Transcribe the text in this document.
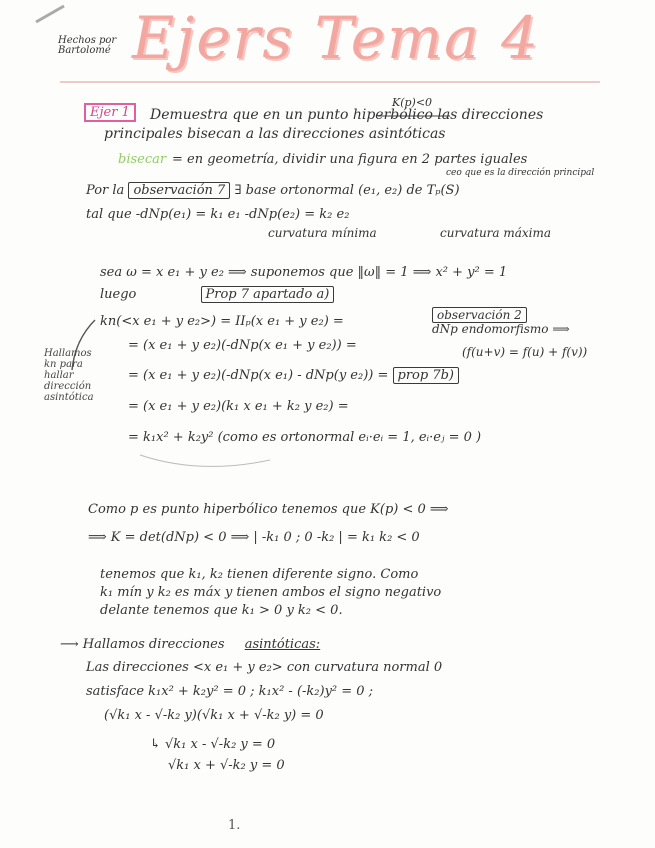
Hechos por Bartolomé Ejers Tema 4
K(p)<0
Ejer 1	Demuestra que en un punto hiperbólico las direcciones
principales bisecan a las direcciones asintóticas
bisecar = en geometría, dividir una figura en 2 partes iguales
ceo que es la dirección principal
Por la observación 7 ∃ base ortonormal (e₁, e₂) de Tₚ(S)
tal que -dNp(e₁) = k₁ e₁ -dNp(e₂) = k₂ e₂
curvatura mínima	curvatura máxima
sea ω = x e₁ + y e₂ ⟹ suponemos que ‖ω‖ = 1 ⟹ x² + y² = 1
luego	Prop 7 apartado a)
kn(<x e₁ + y e₂>) = IIₚ(x e₁ + y e₂) =	observación 2
dNp endomorfismo ⟹
Hallamos kn para hallar dirección asintótica
= (x e₁ + y e₂)(-dNp(x e₁ + y e₂)) =	(f(u+v) = f(u) + f(v))
= (x e₁ + y e₂)(-dNp(x e₁) - dNp(y e₂)) = prop 7b)
= (x e₁ + y e₂)(k₁ x e₁ + k₂ y e₂) =
= k₁x² + k₂y² (como es ortonormal eᵢ·eᵢ = 1, eᵢ·eⱼ = 0 )
Como p es punto hiperbólico tenemos que K(p) < 0 ⟹
⟹ K = det(dNp) < 0 ⟹ | -k₁ 0 ; 0 -k₂ | = k₁ k₂ < 0
tenemos que k₁, k₂ tienen diferente signo. Como
k₁ mín y k₂ es máx y tienen ambos el signo negativo
delante tenemos que k₁ > 0 y k₂ < 0.
⟶ Hallamos direcciones asintóticas:
Las direcciones <x e₁ + y e₂> con curvatura normal 0
satisface k₁x² + k₂y² = 0 ; k₁x² - (-k₂)y² = 0 ;
(√k₁ x - √-k₂ y)(√k₁ x + √-k₂ y) = 0
↳ √k₁ x - √-k₂ y = 0
√k₁ x + √-k₂ y = 0
1.
